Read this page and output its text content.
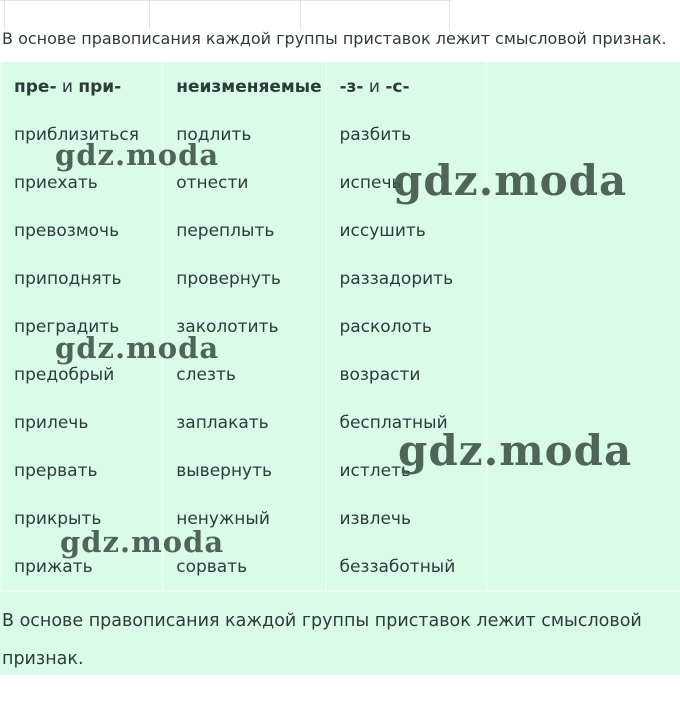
В основе правописания каждой группы приставок лежит смысловой признак.

пре- и при-	неизменяемые	-з- и -с-	
приблизиться	подлить	разбить	
приехать	отнести	испечь	
превозмочь	переплыть	иссушить	
приподнять	провернуть	раззадорить	
преградить	заколотить	расколоть	
предобрый	слезть	возрасти	
прилечь	заплакать	бесплатный	
прервать	вывернуть	истлеть	
прикрыть	ненужный	извлечь	
прижать	сорвать	беззаботный	

В основе правописания каждой группы приставок лежит смысловой
признак.

gdz.moda
gdz.moda
gdz.moda
gdz.moda
gdz.moda
